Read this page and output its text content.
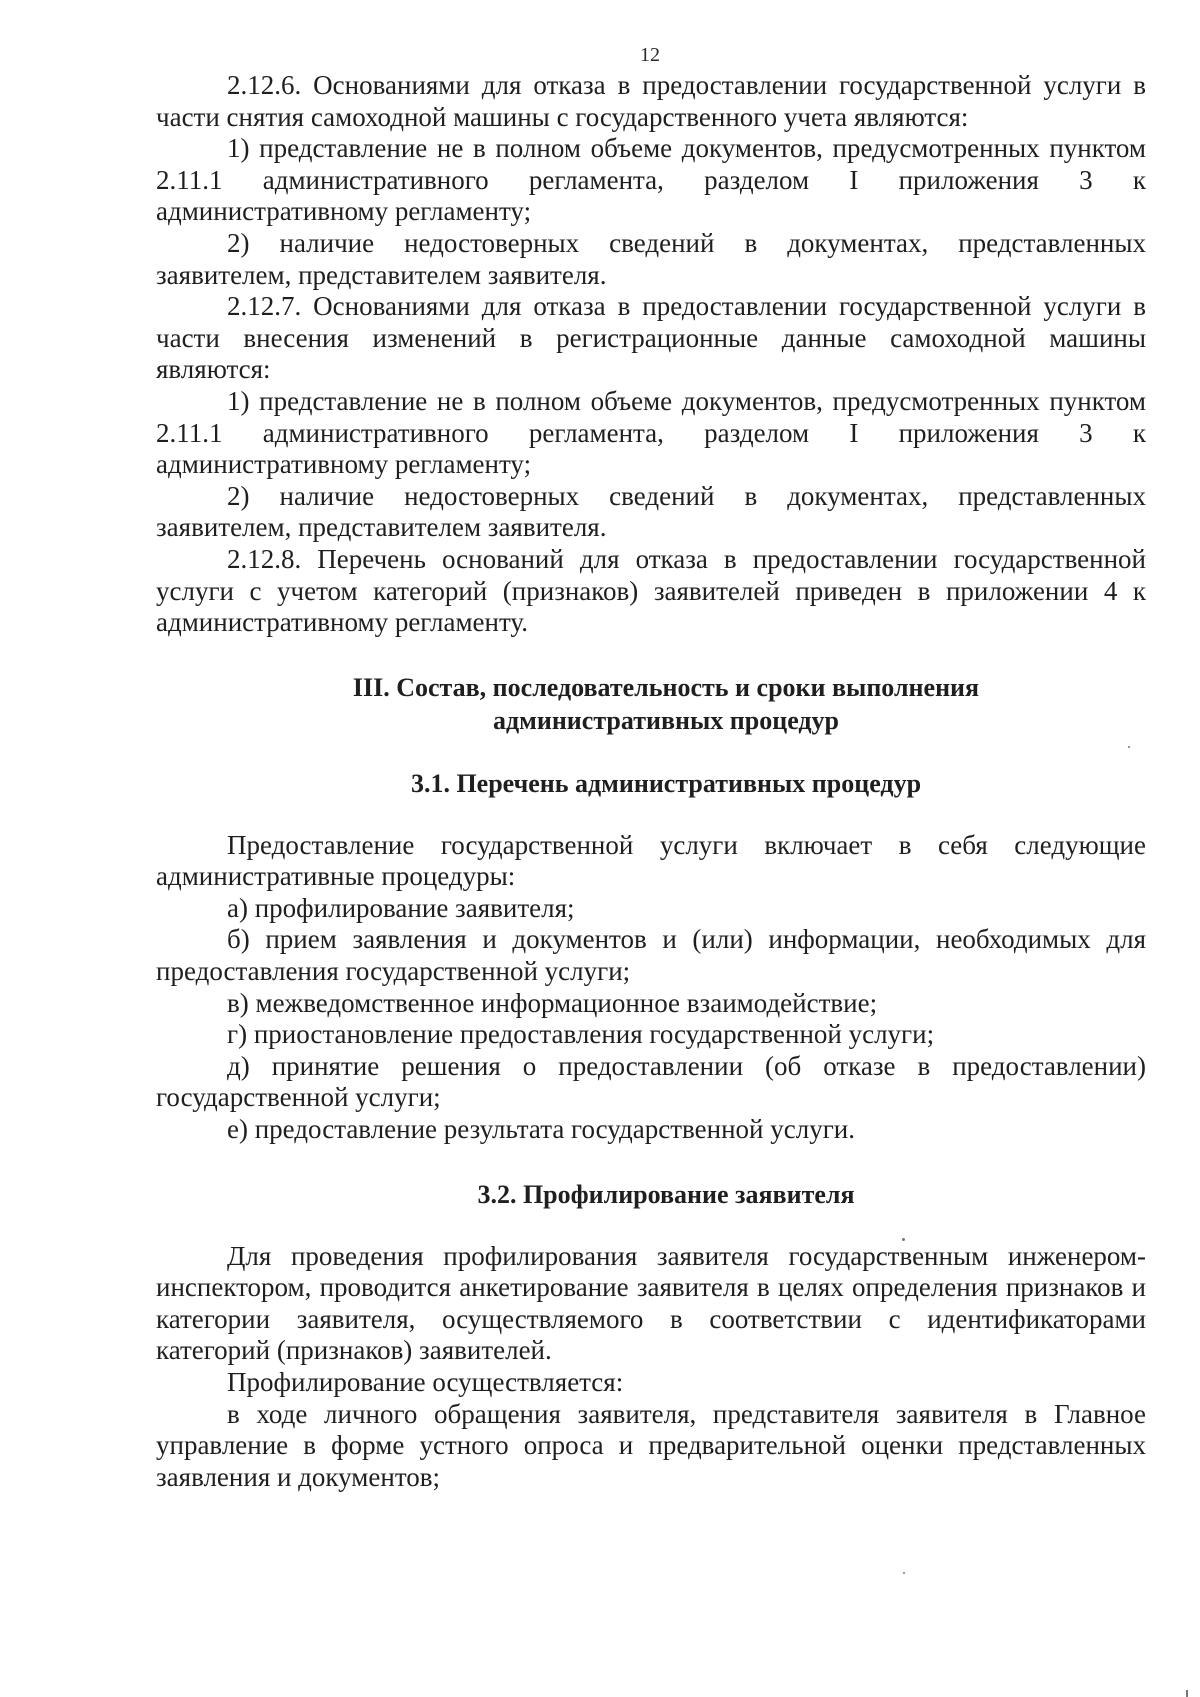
12

2.12.6. Основаниями для отказа в предоставлении государственной услуги в части снятия самоходной машины с государственного учета являются:

1) представление не в полном объеме документов, предусмотренных пунктом 2.11.1 административного регламента, разделом I приложения 3 к административному регламенту;

2) наличие недостоверных сведений в документах, представленных заявителем, представителем заявителя.

2.12.7. Основаниями для отказа в предоставлении государственной услуги в части внесения изменений в регистрационные данные самоходной машины являются:

1) представление не в полном объеме документов, предусмотренных пунктом 2.11.1 административного регламента, разделом I приложения 3 к административному регламенту;

2) наличие недостоверных сведений в документах, представленных заявителем, представителем заявителя.

2.12.8. Перечень оснований для отказа в предоставлении государственной услуги с учетом категорий (признаков) заявителей приведен в приложении 4 к административному регламенту.

III. Состав, последовательность и сроки выполнения

административных процедур

3.1. Перечень административных процедур

Предоставление государственной услуги включает в себя следующие административные процедуры:

а) профилирование заявителя;

б) прием заявления и документов и (или) информации, необходимых для предоставления государственной услуги;

в) межведомственное информационное взаимодействие;

г) приостановление предоставления государственной услуги;

д) принятие решения о предоставлении (об отказе в предоставлении) государственной услуги;

е) предоставление результата государственной услуги.

3.2. Профилирование заявителя

Для проведения профилирования заявителя государственным инженером-инспектором, проводится анкетирование заявителя в целях определения признаков и категории заявителя, осуществляемого в соответствии с идентификаторами категорий (признаков) заявителей.

Профилирование осуществляется:

в ходе личного обращения заявителя, представителя заявителя в Главное управление в форме устного опроса и предварительной оценки представленных заявления и документов;
